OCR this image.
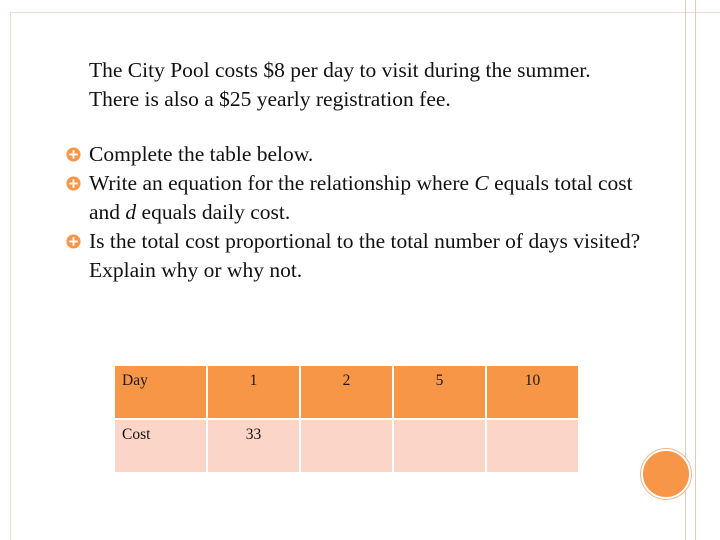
The City Pool costs $8 per day to visit during the summer.

There is also a $25 yearly registration fee.

Complete the table below.
Write an equation for the relationship where C equals total cost and d equals daily cost.
Is the total cost proportional to the total number of days visited? Explain why or why not.
Day	1	2	5	10
Cost	33			
